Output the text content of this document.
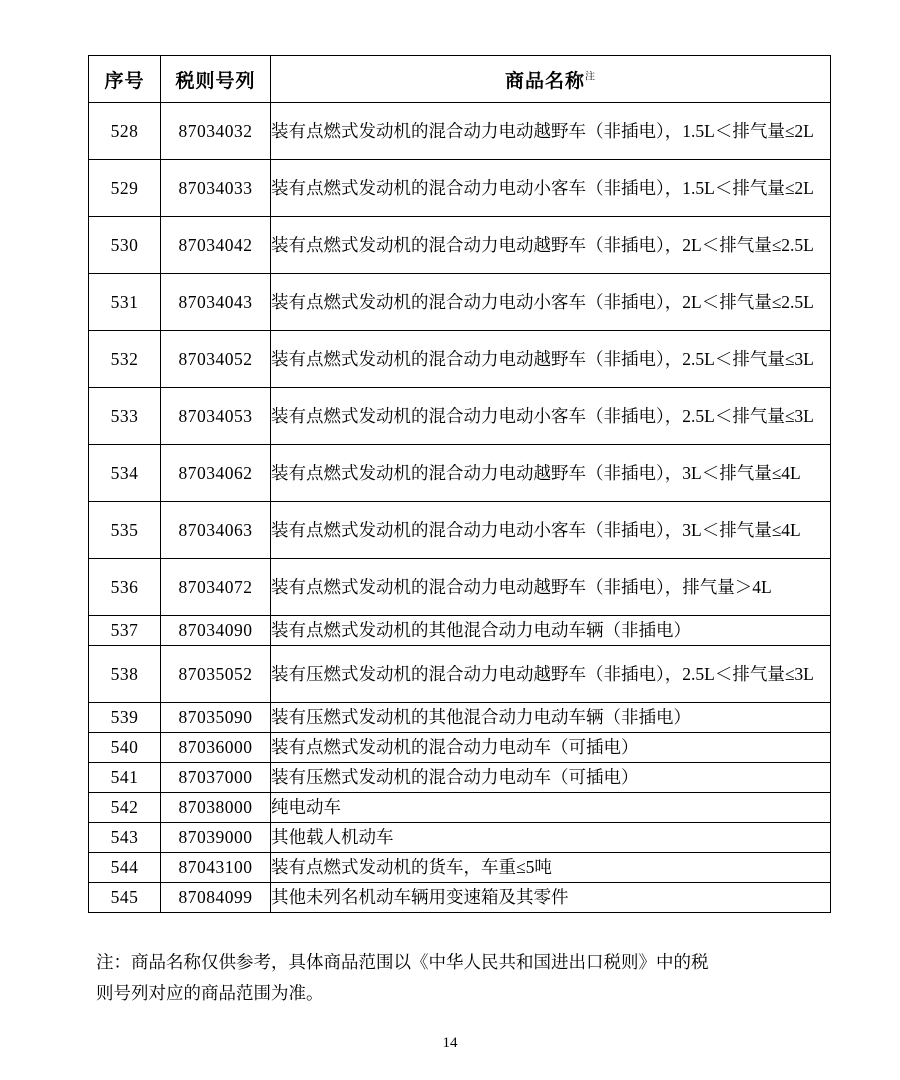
序号	税则号列	商品名称$^注$
528	87034032	装有点燃式发动机的混合动力电动越野车（非插电），1.5L＜排气量≤2L
529	87034033	装有点燃式发动机的混合动力电动小客车（非插电），1.5L＜排气量≤2L
530	87034042	装有点燃式发动机的混合动力电动越野车（非插电），2L＜排气量≤2.5L
531	87034043	装有点燃式发动机的混合动力电动小客车（非插电），2L＜排气量≤2.5L
532	87034052	装有点燃式发动机的混合动力电动越野车（非插电），2.5L＜排气量≤3L
533	87034053	装有点燃式发动机的混合动力电动小客车（非插电），2.5L＜排气量≤3L
534	87034062	装有点燃式发动机的混合动力电动越野车（非插电），3L＜排气量≤4L
535	87034063	装有点燃式发动机的混合动力电动小客车（非插电），3L＜排气量≤4L
536	87034072	装有点燃式发动机的混合动力电动越野车（非插电），排气量＞4L
537	87034090	装有点燃式发动机的其他混合动力电动车辆（非插电）
538	87035052	装有压燃式发动机的混合动力电动越野车（非插电），2.5L＜排气量≤3L
539	87035090	装有压燃式发动机的其他混合动力电动车辆（非插电）
540	87036000	装有点燃式发动机的混合动力电动车（可插电）
541	87037000	装有压燃式发动机的混合动力电动车（可插电）
542	87038000	纯电动车
543	87039000	其他载人机动车
544	87043100	装有点燃式发动机的货车，车重≤5吨
545	87084099	其他未列名机动车辆用变速箱及其零件
注：商品名称仅供参考，具体商品范围以《中华人民共和国进出口税则》中的税
则号列对应的商品范围为准。
14
